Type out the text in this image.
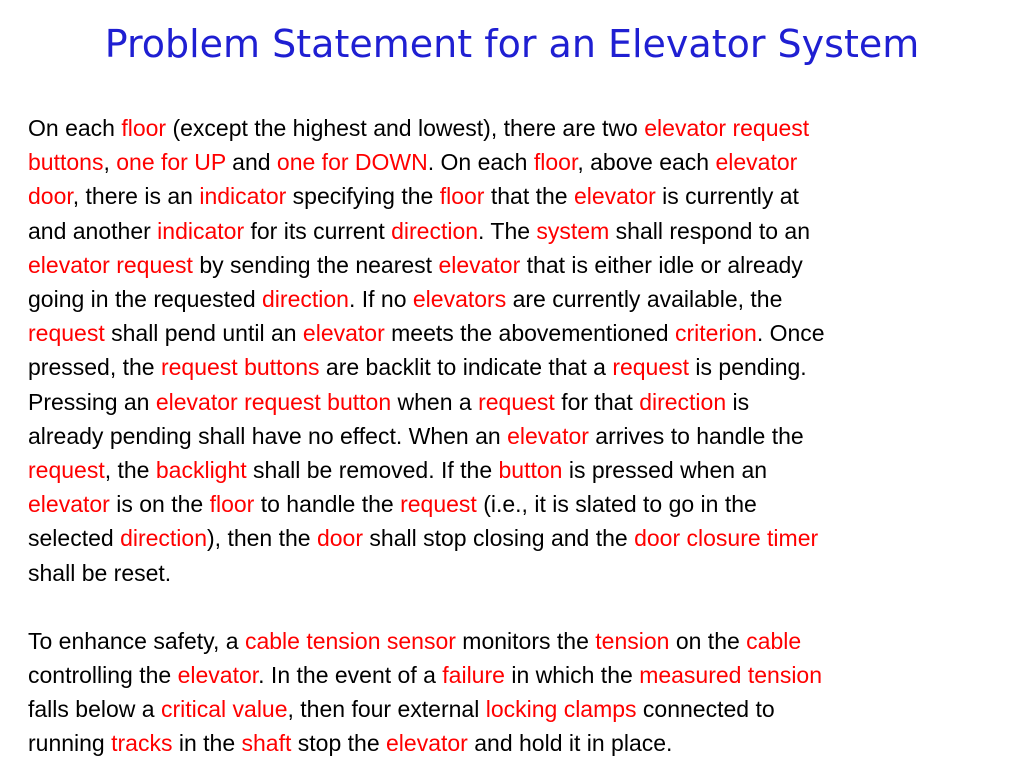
Problem Statement for an Elevator System

On each floor (except the highest and lowest), there are two elevator request
buttons, one for UP and one for DOWN. On each floor, above each elevator
door, there is an indicator specifying the floor that the elevator is currently at
and another indicator for its current direction. The system shall respond to an
elevator request by sending the nearest elevator that is either idle or already
going in the requested direction. If no elevators are currently available, the
request shall pend until an elevator meets the abovementioned criterion. Once
pressed, the request buttons are backlit to indicate that a request is pending.
Pressing an elevator request button when a request for that direction is
already pending shall have no effect. When an elevator arrives to handle the
request, the backlight shall be removed. If the button is pressed when an
elevator is on the floor to handle the request (i.e., it is slated to go in the
selected direction), then the door shall stop closing and the door closure timer
shall be reset.

To enhance safety, a cable tension sensor monitors the tension on the cable
controlling the elevator. In the event of a failure in which the measured tension
falls below a critical value, then four external locking clamps connected to
running tracks in the shaft stop the elevator and hold it in place.
